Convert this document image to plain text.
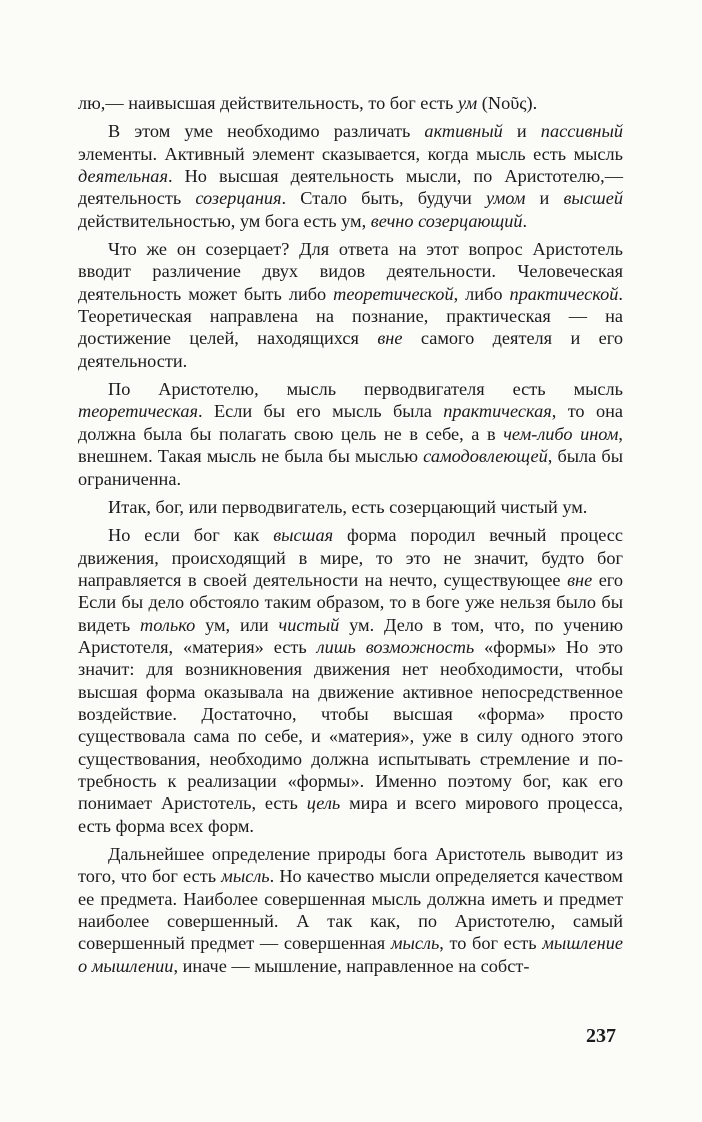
лю,— наивысшая действительность, то бог есть ум (Nοῦς).

В этом уме необходимо различать активный и пассивный элементы. Активный элемент сказывается, когда мысль есть мысль деятельная. Но высшая деятельность мысли, по Аристотелю,— деятельность созерцания. Стало быть, будучи умом и высшей действительностью, ум бога есть ум, вечно созерцающий.

Что же он созерцает? Для ответа на этот вопрос Аристотель вводит различение двух видов деятельности. Человеческая деятельность может быть либо теоретической, либо практической. Теоретическая направлена на познание, практическая — на достижение целей, находящихся вне самого деятеля и его деятельности.

По Аристотелю, мысль перводвигателя есть мысль теоретическая. Если бы его мысль была практическая, то она должна была бы полагать свою цель не в себе, а в чем-либо ином, внешнем. Такая мысль не была бы мыслью самодовлеющей, была бы ограниченна.

Итак, бог, или перводвигатель, есть созерцающий чистый ум.

Но если бог как высшая форма породил вечный процесс движения, происходящий в мире, то это не значит, будто бог направляется в своей деятельности на нечто, существующее вне его Если бы дело обстояло таким образом, то в боге уже нельзя было бы видеть только ум, или чистый ум. Дело в том, что, по учению Аристотеля, «материя» есть лишь возможность «формы» Но это значит: для возникновения движения нет необходимости, чтобы высшая форма оказывала на движение активное непосредственное воздействие. Достаточно, чтобы высшая «форма» просто существовала сама по себе, и «материя», уже в силу одного этого существования, необходимо должна испытывать стремление и потребность к реализации «формы». Именно поэтому бог, как его понимает Аристотель, есть цель мира и всего мирового процесса, есть форма всех форм.

Дальнейшее определение природы бога Аристотель выводит из того, что бог есть мысль. Но качество мысли определяется качеством ее предмета. Наиболее совершенная мысль должна иметь и предмет наиболее совершенный. А так как, по Аристотелю, самый совершенный предмет — совершенная мысль, то бог есть мышление о мышлении, иначе — мышление, направленное на собст-

237
